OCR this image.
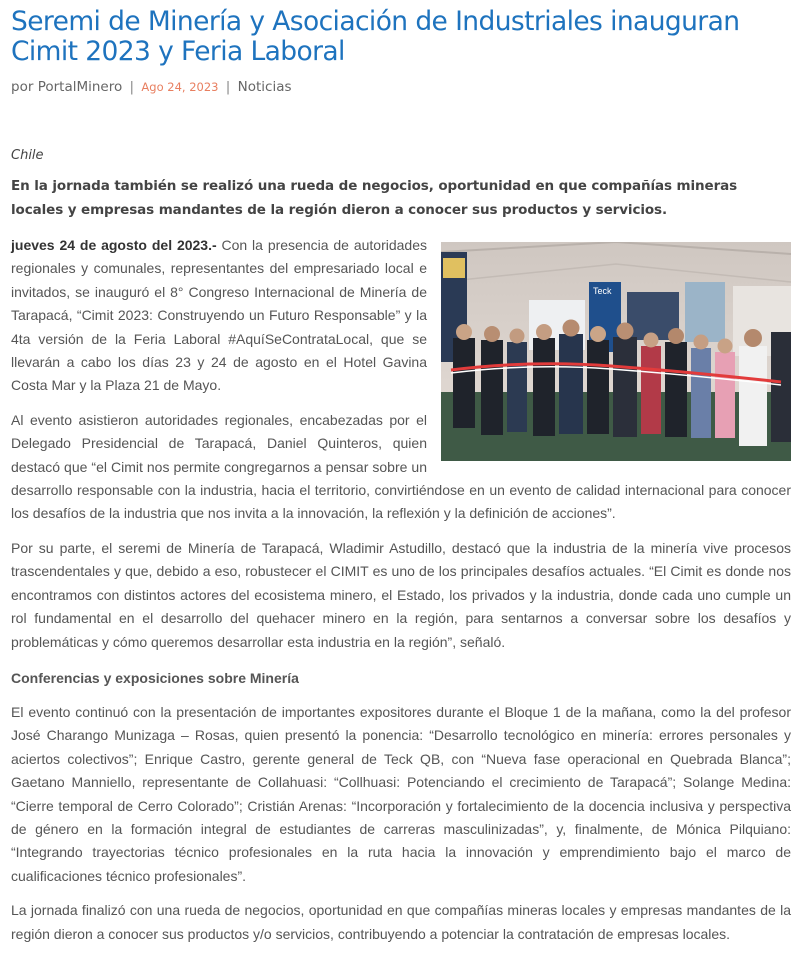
Seremi de Minería y Asociación de Industriales inauguran Cimit 2023 y Feria Laboral
por PortalMinero | Ago 24, 2023 | Noticias
Chile
En la jornada también se realizó una rueda de negocios, oportunidad en que compañías mineras locales y empresas mandantes de la región dieron a conocer sus productos y servicios.
Teck
jueves 24 de agosto del 2023.- Con la presencia de autoridades regionales y comunales, representantes del empresariado local e invitados, se inauguró el 8° Congreso Internacional de Minería de Tarapacá, “Cimit 2023: Construyendo un Futuro Responsable” y la 4ta versión de la Feria Laboral #AquíSeContrataLocal, que se llevarán a cabo los días 23 y 24 de agosto en el Hotel Gavina Costa Mar y la Plaza 21 de Mayo.
Al evento asistieron autoridades regionales, encabezadas por el Delegado Presidencial de Tarapacá, Daniel Quinteros, quien destacó que “el Cimit nos permite congregarnos a pensar sobre un desarrollo responsable con la industria, hacia el territorio, convirtiéndose en un evento de calidad internacional para conocer los desafíos de la industria que nos invita a la innovación, la reflexión y la definición de acciones”.
Por su parte, el seremi de Minería de Tarapacá, Wladimir Astudillo, destacó que la industria de la minería vive procesos trascendentales y que, debido a eso, robustecer el CIMIT es uno de los principales desafíos actuales. “El Cimit es donde nos encontramos con distintos actores del ecosistema minero, el Estado, los privados y la industria, donde cada uno cumple un rol fundamental en el desarrollo del quehacer minero en la región, para sentarnos a conversar sobre los desafíos y problemáticas y cómo queremos desarrollar esta industria en la región”, señaló.
Conferencias y exposiciones sobre Minería
El evento continuó con la presentación de importantes expositores durante el Bloque 1 de la mañana, como la del profesor José Charango Munizaga – Rosas, quien presentó la ponencia: “Desarrollo tecnológico en minería: errores personales y aciertos colectivos”; Enrique Castro, gerente general de Teck QB, con “Nueva fase operacional en Quebrada Blanca”; Gaetano Manniello, representante de Collahuasi: “Collhuasi: Potenciando el crecimiento de Tarapacá”; Solange Medina: “Cierre temporal de Cerro Colorado”; Cristián Arenas: “Incorporación y fortalecimiento de la docencia inclusiva y perspectiva de género en la formación integral de estudiantes de carreras masculinizadas”, y, finalmente, de Mónica Pilquiano: “Integrando trayectorias técnico profesionales en la ruta hacia la innovación y emprendimiento bajo el marco de cualificaciones técnico profesionales”.
La jornada finalizó con una rueda de negocios, oportunidad en que compañías mineras locales y empresas mandantes de la región dieron a conocer sus productos y/o servicios, contribuyendo a potenciar la contratación de empresas locales.
